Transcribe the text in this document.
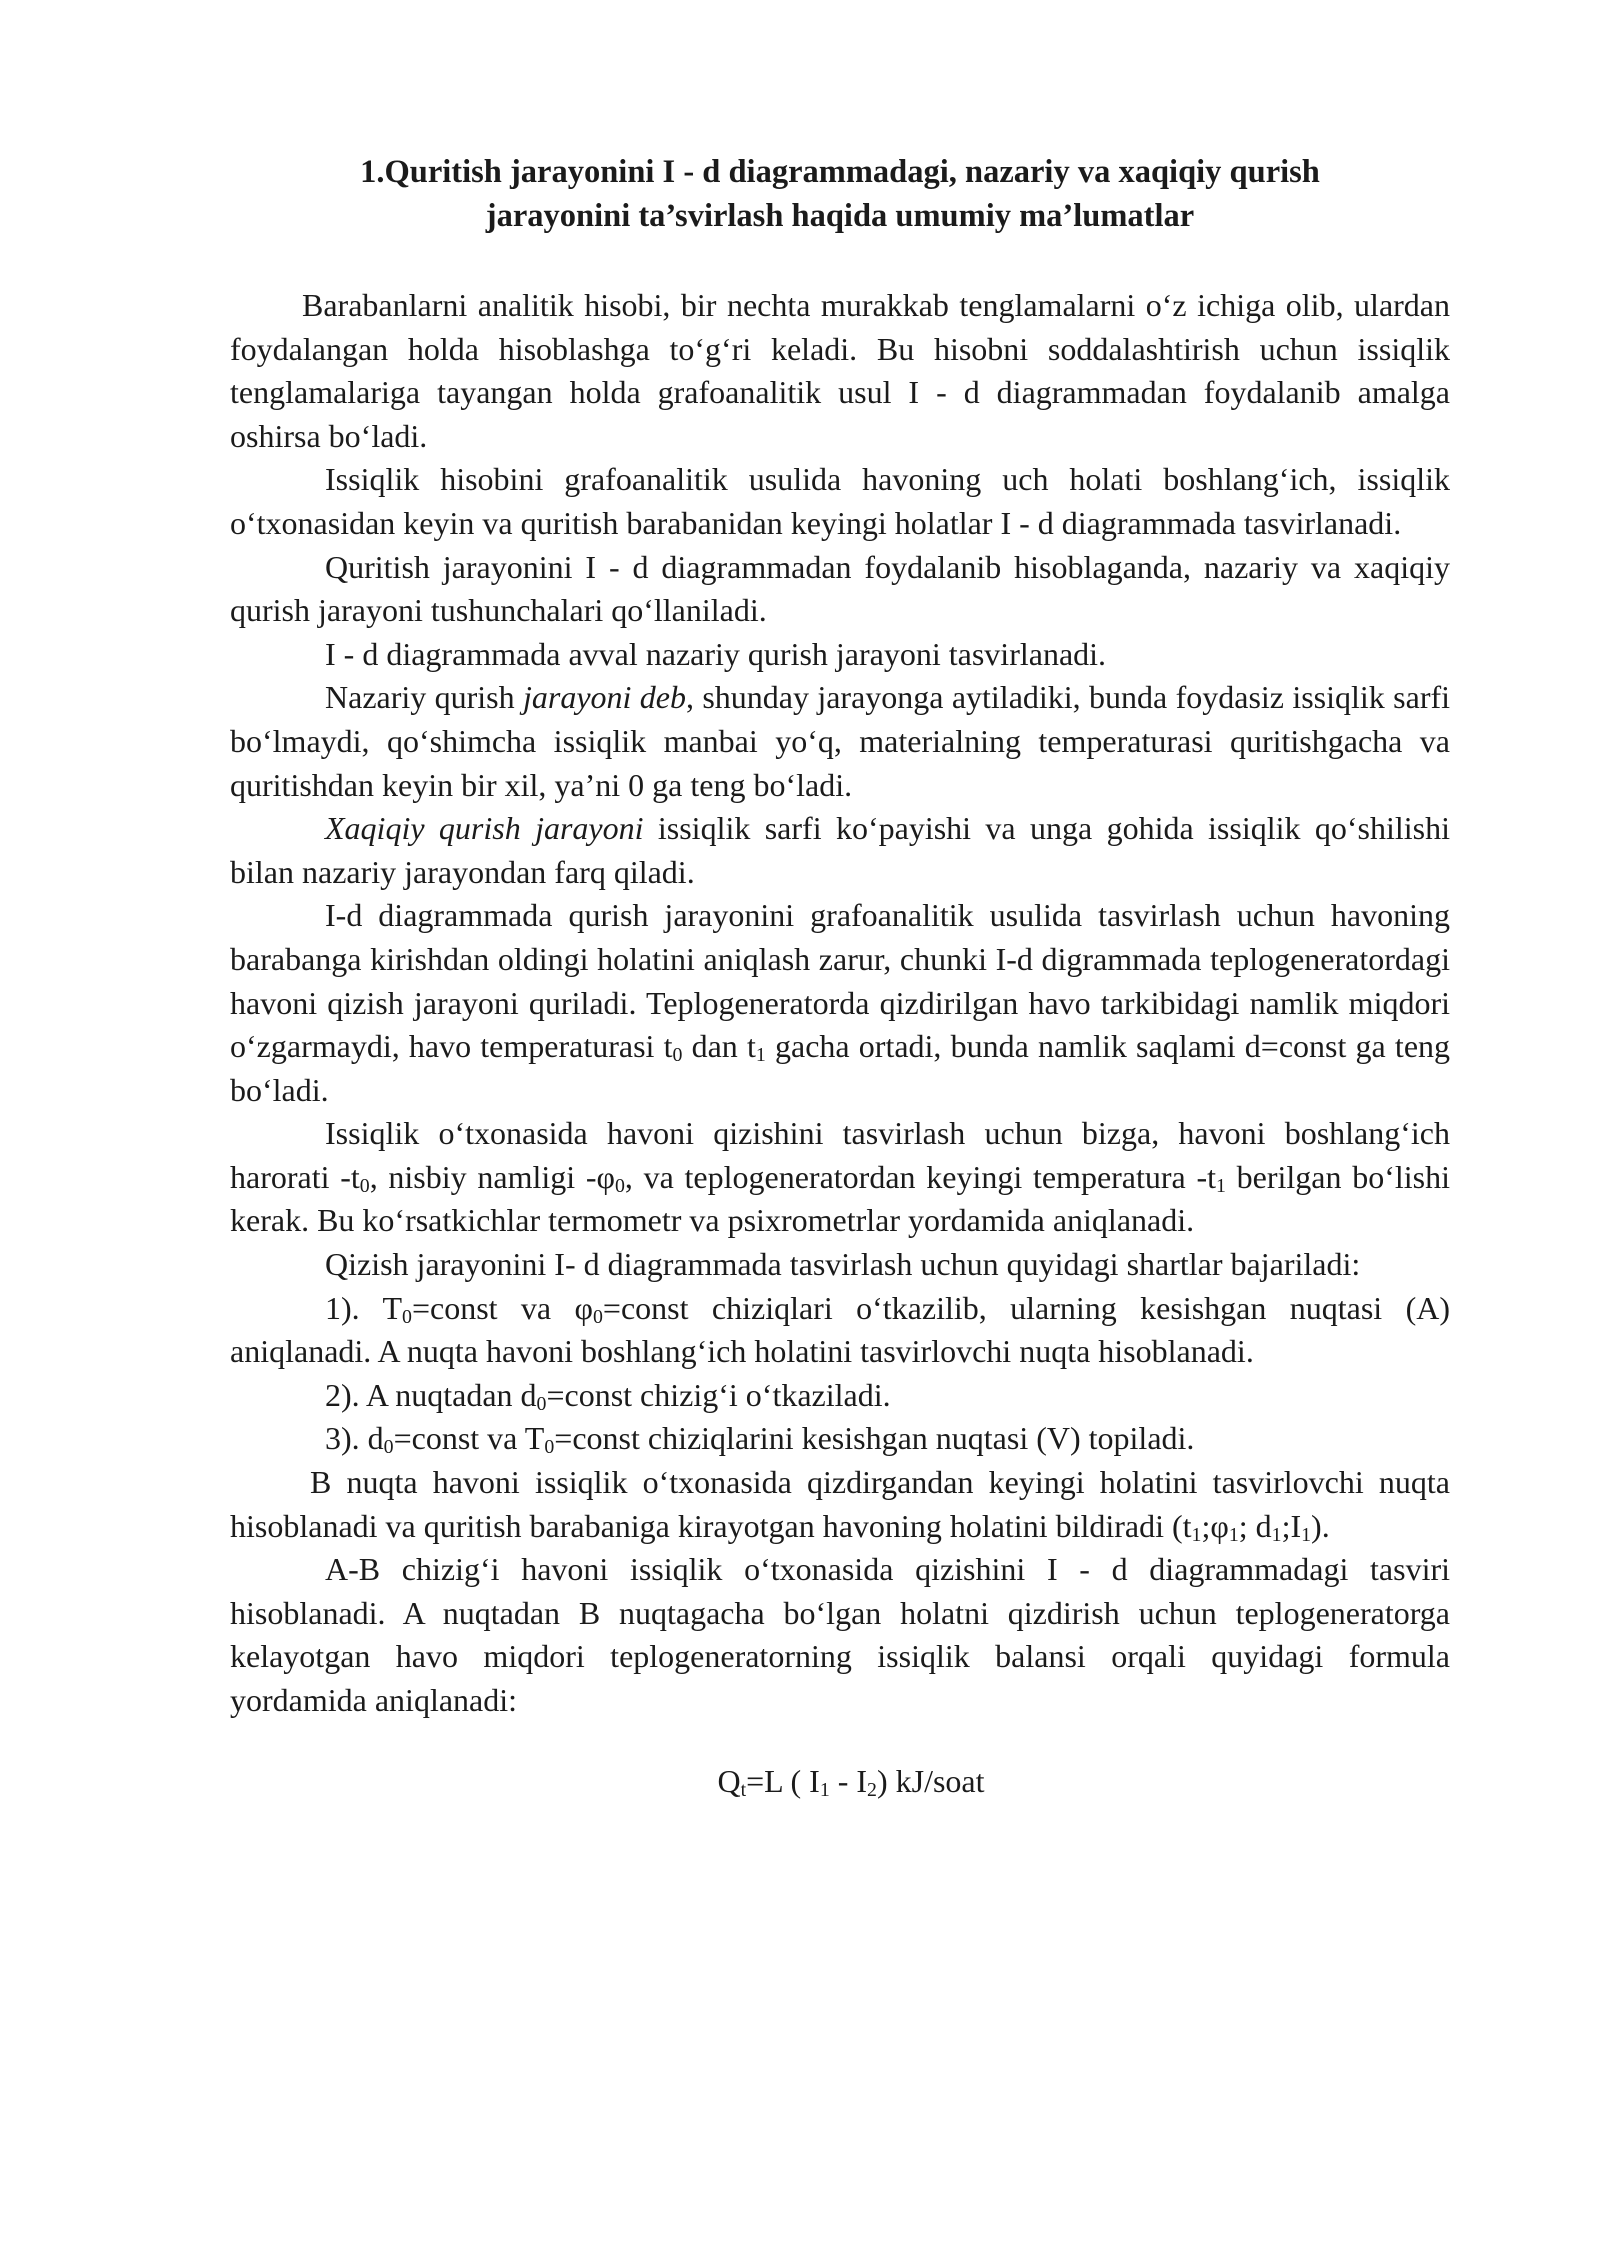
1.Quritish jarayonini I - d diagrammadagi, nazariy va xaqiqiy qurish
jarayonini ta’svirlash haqida umumiy ma’lumatlar

Barabanlarni analitik hisobi, bir nechta murakkab tenglamalarni o‘z ichiga olib, ulardan foydalangan holda hisoblashga to‘g‘ri keladi. Bu hisobni soddalashtirish uchun issiqlik tenglamalariga tayangan holda grafoanalitik usul I - d diagrammadan foydalanib amalga oshirsa bo‘ladi.

Issiqlik hisobini grafoanalitik usulida havoning uch holati boshlang‘ich, issiqlik o‘txonasidan keyin va quritish barabanidan keyingi holatlar I - d diagrammada tasvirlanadi.

Quritish jarayonini I - d diagrammadan foydalanib hisoblaganda, nazariy va xaqiqiy qurish jarayoni tushunchalari qo‘llaniladi.

I - d diagrammada avval nazariy qurish jarayoni tasvirlanadi.

Nazariy qurish jarayoni deb, shunday jarayonga aytiladiki, bunda foydasiz issiqlik sarfi bo‘lmaydi, qo‘shimcha issiqlik manbai yo‘q, materialning temperaturasi quritishgacha va quritishdan keyin bir xil, ya’ni 0 ga teng bo‘ladi.

Xaqiqiy qurish jarayoni issiqlik sarfi ko‘payishi va unga gohida issiqlik qo‘shilishi bilan nazariy jarayondan farq qiladi.

I-d diagrammada qurish jarayonini grafoanalitik usulida tasvirlash uchun havoning barabanga kirishdan oldingi holatini aniqlash zarur, chunki I-d digrammada teplogeneratordagi havoni qizish jarayoni quriladi. Teplogeneratorda qizdirilgan havo tarkibidagi namlik miqdori o‘zgarmaydi, havo temperaturasi $t_0$ dan $t_1$ gacha ortadi, bunda namlik saqlami d=const ga teng bo‘ladi.

Issiqlik o‘txonasida havoni qizishini tasvirlash uchun bizga, havoni boshlang‘ich harorati $-t_0$, nisbiy namligi $-\varphi_0$, va teplogeneratordan keyingi temperatura $-t_1$ berilgan bo‘lishi kerak. Bu ko‘rsatkichlar termometr va psixrometrlar yordamida aniqlanadi.

Qizish jarayonini I- d diagrammada tasvirlash uchun quyidagi shartlar bajariladi:

1). $T_0=const$ va $\varphi_0=const$ chiziqlari o‘tkazilib, ularning kesishgan nuqtasi (A) aniqlanadi. A nuqta havoni boshlang‘ich holatini tasvirlovchi nuqta hisoblanadi.

2). A nuqtadan $d_0=const$ chizig‘i o‘tkaziladi.

3). $d_0=const$ va $T_0=const$ chiziqlarini kesishgan nuqtasi (V) topiladi.

B nuqta havoni issiqlik o‘txonasida qizdirgandan keyingi holatini tasvirlovchi nuqta hisoblanadi va quritish barabaniga kirayotgan havoning holatini bildiradi ($t_1;\varphi_1$; $d_1;I_1$).

A-B chizig‘i havoni issiqlik o‘txonasida qizishini I - d diagrammadagi tasviri hisoblanadi. A nuqtadan B nuqtagacha bo‘lgan holatni qizdirish uchun teplogeneratorga kelayotgan havo miqdori teplogeneratorning issiqlik balansi orqali quyidagi formula yordamida aniqlanadi:

$Q_t=L$ ( $I_1 - I_2$) kJ/soat
